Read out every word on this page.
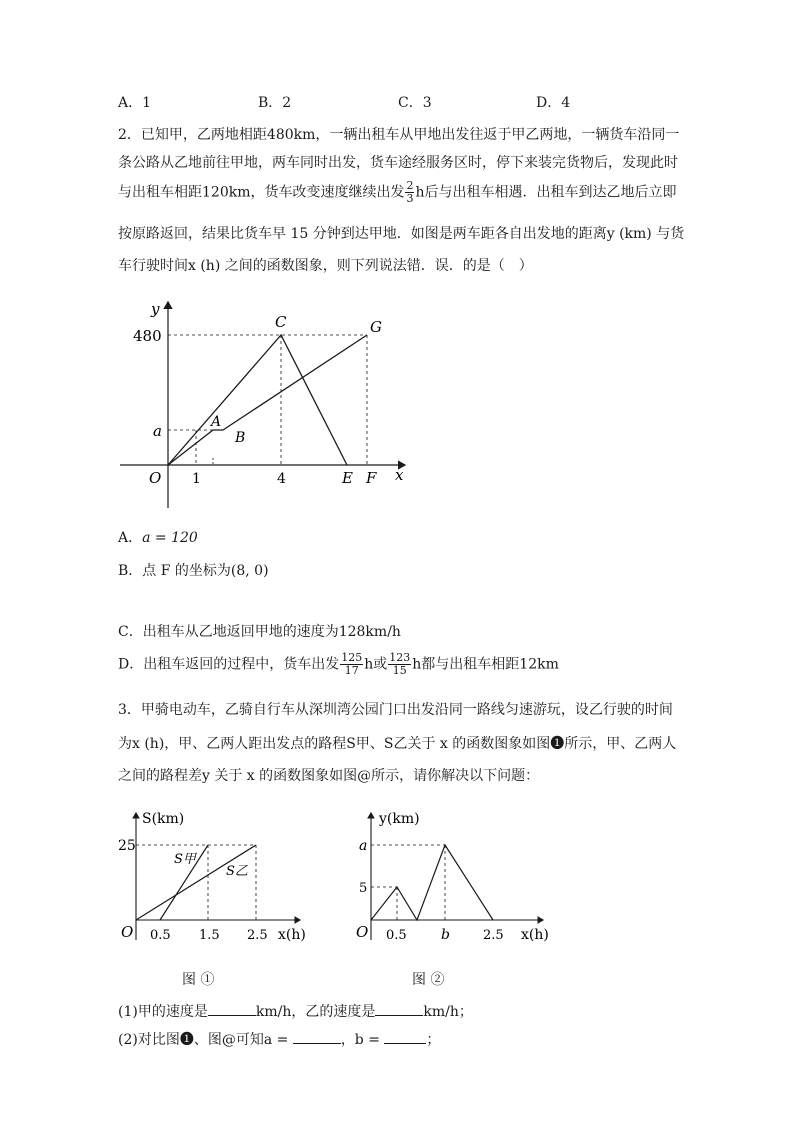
A．1	B．2	C．3	D．4
2．已知甲，乙两地相距480km，一辆出租车从甲地出发往返于甲乙两地，一辆货车沿同一
条公路从乙地前往甲地，两车同时出发，货车途经服务区时，停下来装完货物后，发现此时
与出租车相距120km，货车改变速度继续出发 $\frac{2}{3}$ h后与出租车相遇．出租车到达乙地后立即
按原路返回，结果比货车早 15 分钟到达甲地．如图是两车距各自出发地的距离y (km) 与货
车行驶时间x (h) 之间的函数图象，则下列说法错．误．的是（　）
y
x
480
a
1	4
O
C	G
A
B
E F
A．a = 120
B．点 F 的坐标为(8, 0)
C．出租车从乙地返回甲地的速度为128km/h
D．出租车返回的过程中，货车出发 $\frac{125}{17}$ h或 $\frac{123}{15}$ h都与出租车相距12km
3．甲骑电动车，乙骑自行车从深圳湾公园门口出发沿同一路线匀速游玩，设乙行驶的时间
为x (h)，甲、乙两人距出发点的路程S甲、S乙关于 x 的函数图象如图❶所示，甲、乙两人
之间的路程差y 关于 x 的函数图象如图@所示，请你解决以下问题：
S(km)
x(h)
25
O 0.5 1.5 2.5
S甲
S乙
图 ①
y(km)
x(h)
a
5
O 0.5 b	2.5
图 ②
(1)甲的速度是	km/h，乙的速度是	km/h；
(2)对比图❶、图@可知a =	，b =	；
